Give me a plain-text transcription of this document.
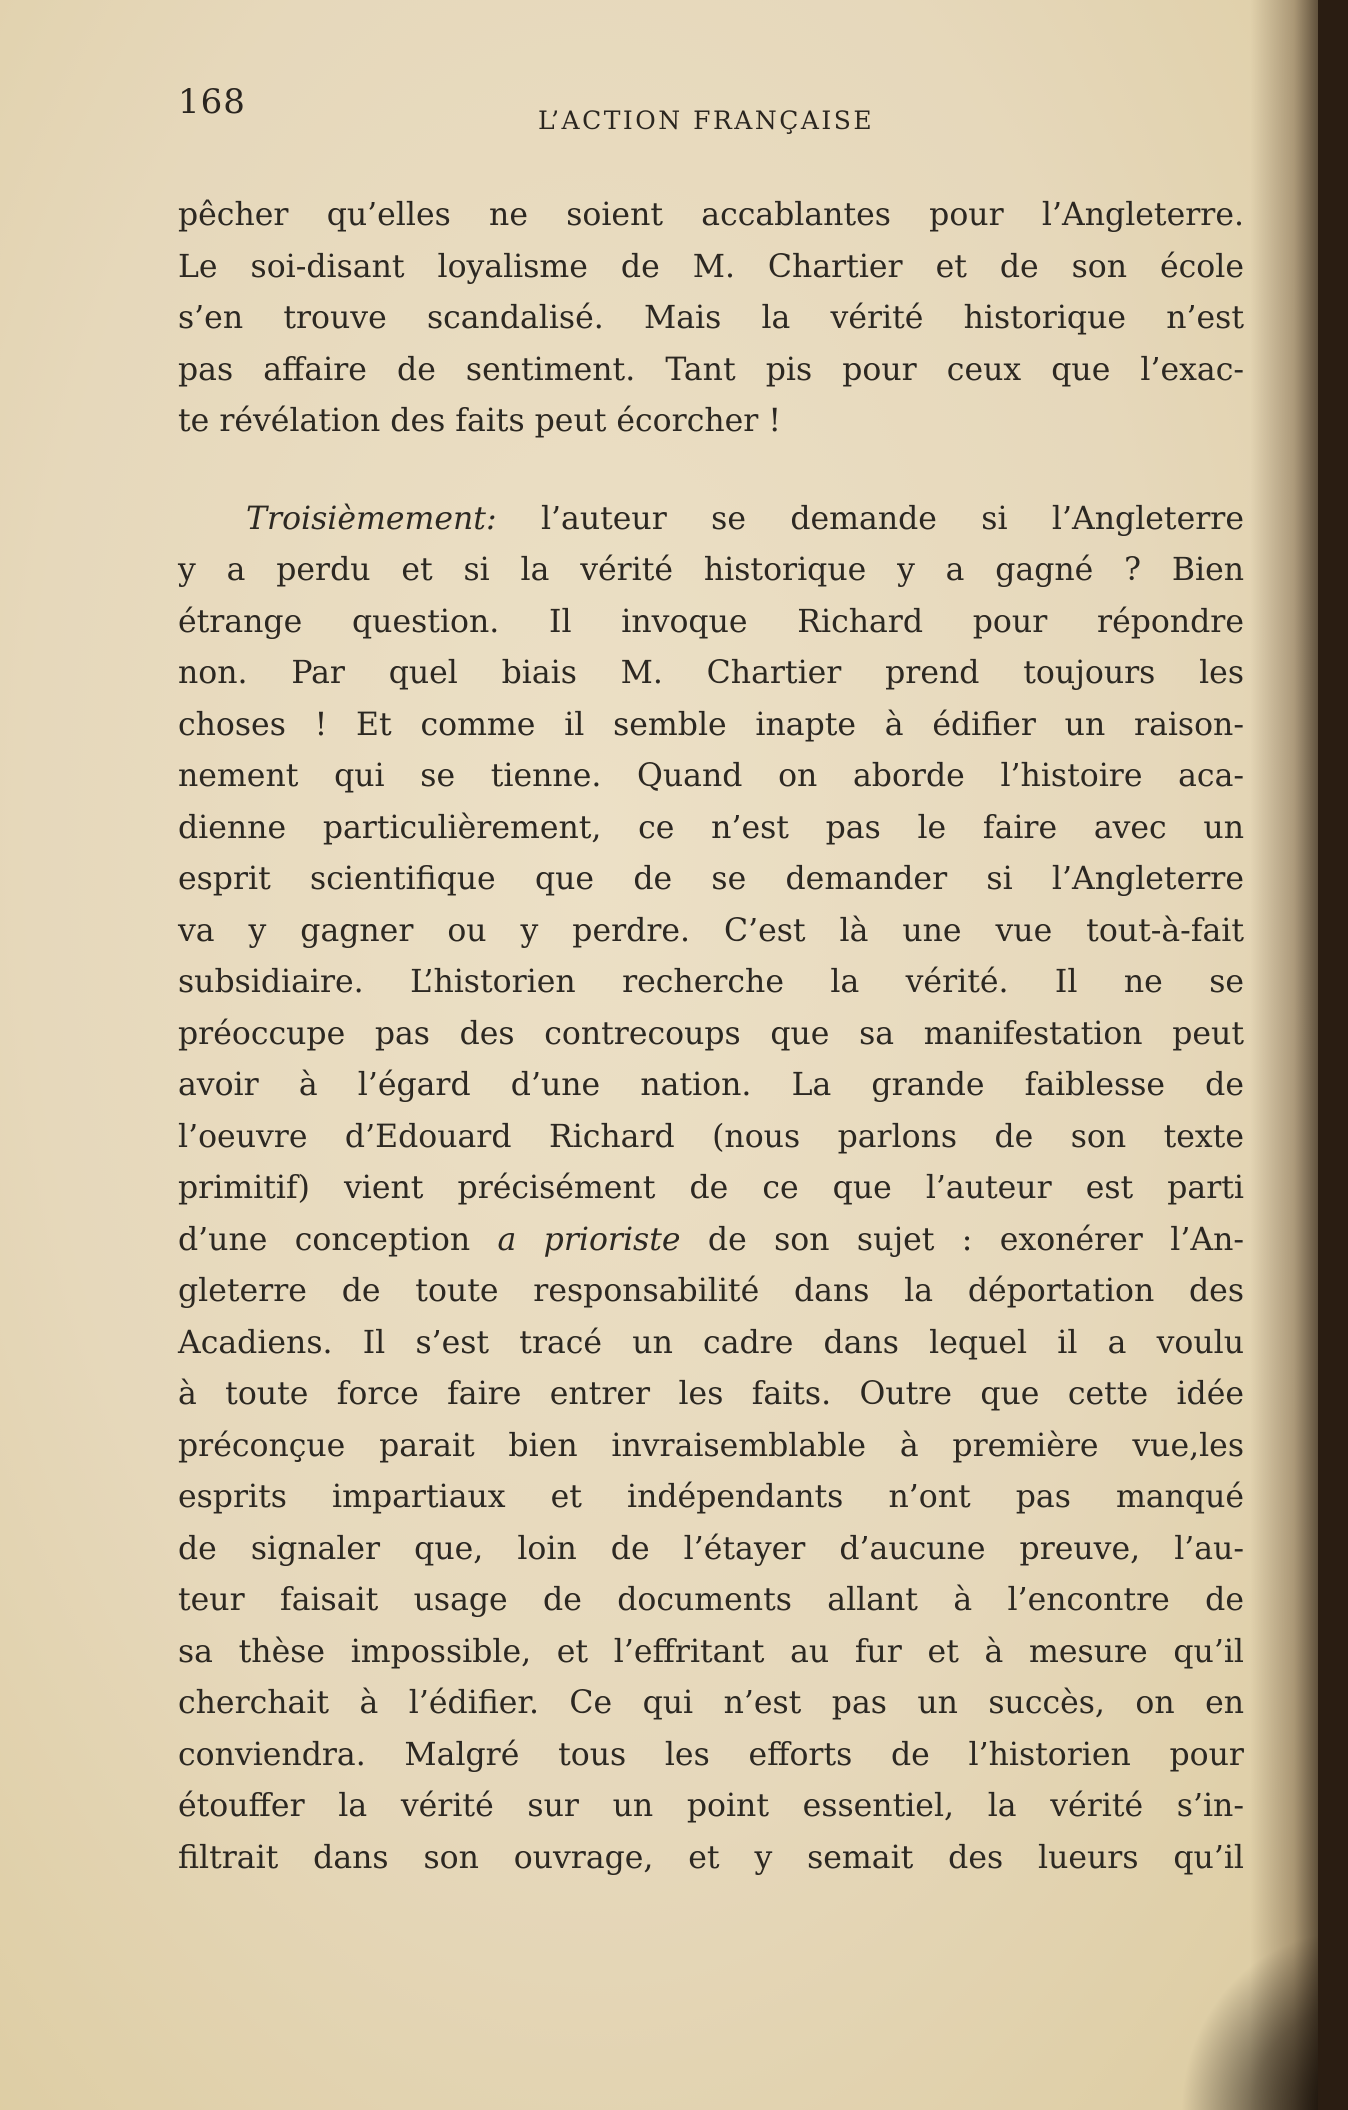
168	L’ACTION FRANÇAISE
pêcher qu’elles ne soient accablantes pour l’Angleterre.
Le soi-disant loyalisme de M. Chartier et de son école
s’en trouve scandalisé. Mais la vérité historique n’est
pas affaire de sentiment. Tant pis pour ceux que l’exac-
te révélation des faits peut écorcher !
Troisièmement: l’auteur se demande si l’Angleterre
y a perdu et si la vérité historique y a gagné ? Bien
étrange question. Il invoque Richard pour répondre
non. Par quel biais M. Chartier prend toujours les
choses ! Et comme il semble inapte à édifier un raison-
nement qui se tienne. Quand on aborde l’histoire aca-
dienne particulièrement, ce n’est pas le faire avec un
esprit scientifique que de se demander si l’Angleterre
va y gagner ou y perdre. C’est là une vue tout-à-fait
subsidiaire. L’historien recherche la vérité. Il ne se
préoccupe pas des contrecoups que sa manifestation peut
avoir à l’égard d’une nation. La grande faiblesse de
l’oeuvre d’Edouard Richard (nous parlons de son texte
primitif) vient précisément de ce que l’auteur est parti
d’une conception a prioriste de son sujet : exonérer l’An-
gleterre de toute responsabilité dans la déportation des
Acadiens. Il s’est tracé un cadre dans lequel il a voulu
à toute force faire entrer les faits. Outre que cette idée
préconçue parait bien invraisemblable à première vue,les
esprits impartiaux et indépendants n’ont pas manqué
de signaler que, loin de l’étayer d’aucune preuve, l’au-
teur faisait usage de documents allant à l’encontre de
sa thèse impossible, et l’effritant au fur et à mesure qu’il
cherchait à l’édifier. Ce qui n’est pas un succès, on en
conviendra. Malgré tous les efforts de l’historien pour
étouffer la vérité sur un point essentiel, la vérité s’in-
filtrait dans son ouvrage, et y semait des lueurs qu’il
